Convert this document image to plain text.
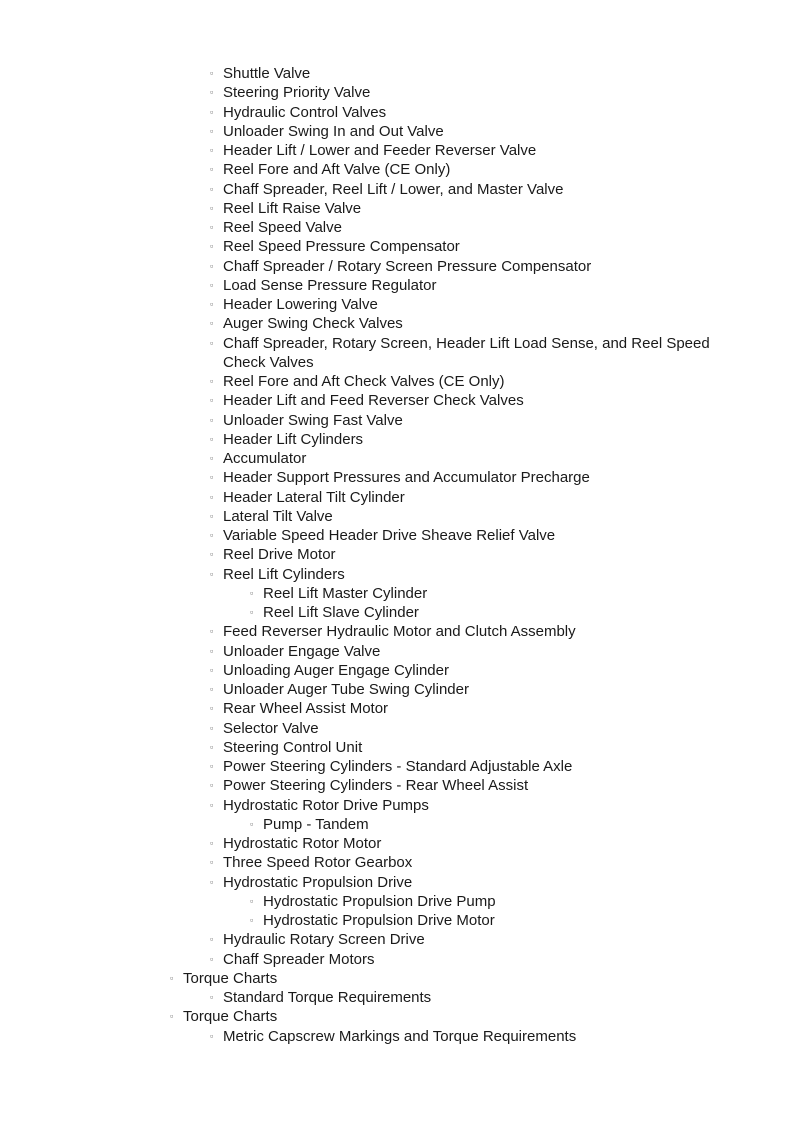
▫ Shuttle Valve
▫ Steering Priority Valve
▫ Hydraulic Control Valves
▫ Unloader Swing In and Out Valve
▫ Header Lift / Lower and Feeder Reverser Valve
▫ Reel Fore and Aft Valve (CE Only)
▫ Chaff Spreader, Reel Lift / Lower, and Master Valve
▫ Reel Lift Raise Valve
▫ Reel Speed Valve
▫ Reel Speed Pressure Compensator
▫ Chaff Spreader / Rotary Screen Pressure Compensator
▫ Load Sense Pressure Regulator
▫ Header Lowering Valve
▫ Auger Swing Check Valves
▫ Chaff Spreader, Rotary Screen, Header Lift Load Sense, and Reel Speed Check Valves
▫ Reel Fore and Aft Check Valves (CE Only)
▫ Header Lift and Feed Reverser Check Valves
▫ Unloader Swing Fast Valve
▫ Header Lift Cylinders
▫ Accumulator
▫ Header Support Pressures and Accumulator Precharge
▫ Header Lateral Tilt Cylinder
▫ Lateral Tilt Valve
▫ Variable Speed Header Drive Sheave Relief Valve
▫ Reel Drive Motor
▫ Reel Lift Cylinders
▫ Reel Lift Master Cylinder
▫ Reel Lift Slave Cylinder
▫ Feed Reverser Hydraulic Motor and Clutch Assembly
▫ Unloader Engage Valve
▫ Unloading Auger Engage Cylinder
▫ Unloader Auger Tube Swing Cylinder
▫ Rear Wheel Assist Motor
▫ Selector Valve
▫ Steering Control Unit
▫ Power Steering Cylinders - Standard Adjustable Axle
▫ Power Steering Cylinders - Rear Wheel Assist
▫ Hydrostatic Rotor Drive Pumps
▫ Pump - Tandem
▫ Hydrostatic Rotor Motor
▫ Three Speed Rotor Gearbox
▫ Hydrostatic Propulsion Drive
▫ Hydrostatic Propulsion Drive Pump
▫ Hydrostatic Propulsion Drive Motor
▫ Hydraulic Rotary Screen Drive
▫ Chaff Spreader Motors
▫ Torque Charts
▫ Standard Torque Requirements
▫ Torque Charts
▫ Metric Capscrew Markings and Torque Requirements
